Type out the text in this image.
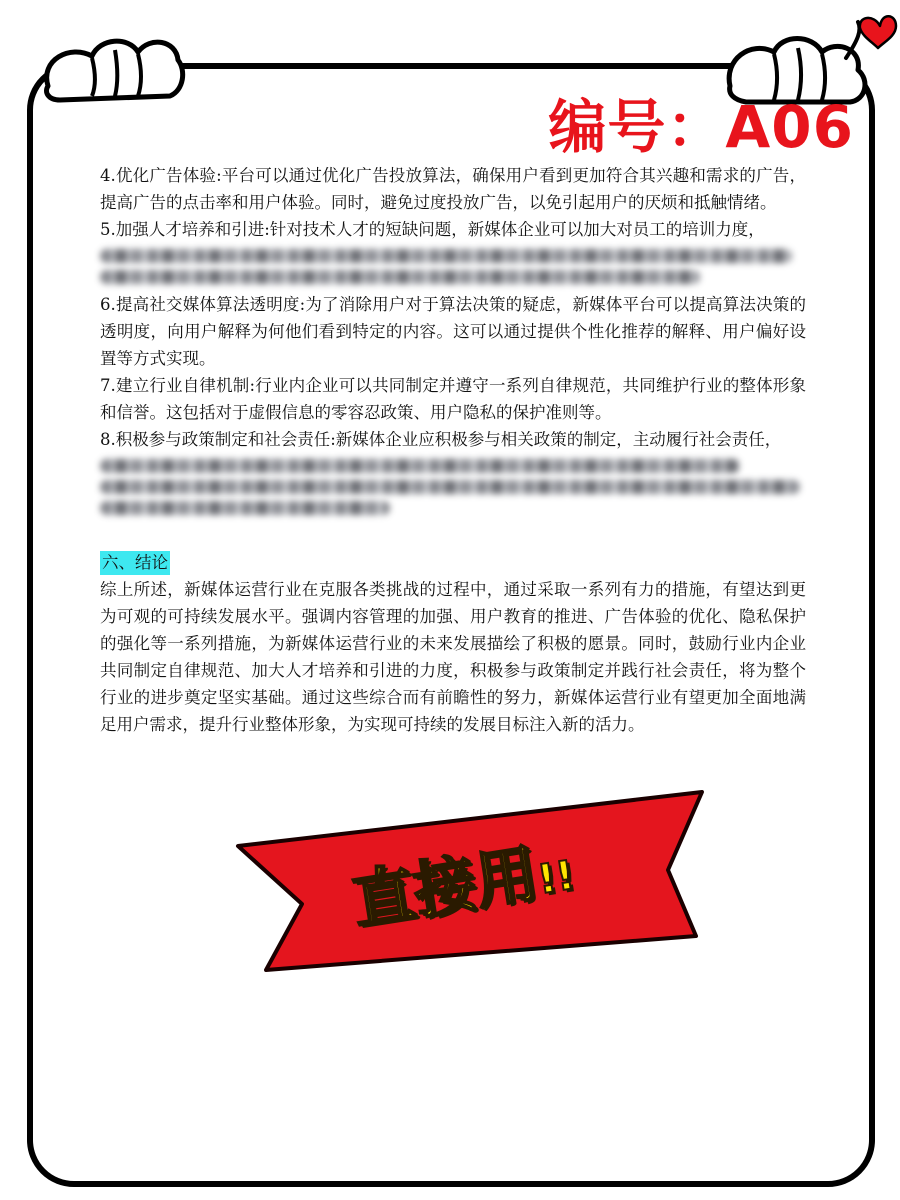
编号：A06

4.优化广告体验:平台可以通过优化广告投放算法，确保用户看到更加符合其兴趣和需求的广告，提高广告的点击率和用户体验。同时，避免过度投放广告，以免引起用户的厌烦和抵触情绪。

5.加强人才培养和引进:针对技术人才的短缺问题，新媒体企业可以加大对员工的培训力度，

6.提高社交媒体算法透明度:为了消除用户对于算法决策的疑虑，新媒体平台可以提高算法决策的透明度，向用户解释为何他们看到特定的内容。这可以通过提供个性化推荐的解释、用户偏好设置等方式实现。

7.建立行业自律机制:行业内企业可以共同制定并遵守一系列自律规范，共同维护行业的整体形象和信誉。这包括对于虚假信息的零容忍政策、用户隐私的保护准则等。

8.积极参与政策制定和社会责任:新媒体企业应积极参与相关政策的制定，主动履行社会责任，

六、结论

综上所述，新媒体运营行业在克服各类挑战的过程中，通过采取一系列有力的措施，有望达到更为可观的可持续发展水平。强调内容管理的加强、用户教育的推进、广告体验的优化、隐私保护的强化等一系列措施，为新媒体运营行业的未来发展描绘了积极的愿景。同时，鼓励行业内企业共同制定自律规范、加大人才培养和引进的力度，积极参与政策制定并践行社会责任，将为整个行业的进步奠定坚实基础。通过这些综合而有前瞻性的努力，新媒体运营行业有望更加全面地满足用户需求，提升行业整体形象，为实现可持续的发展目标注入新的活力。

直接用!!
